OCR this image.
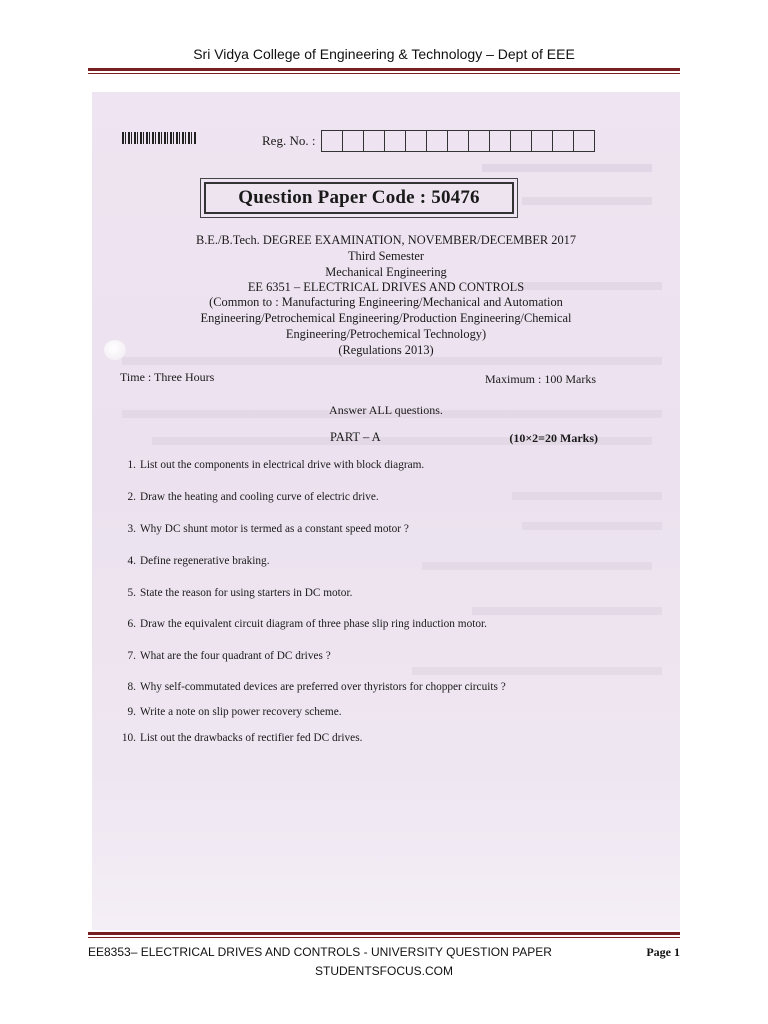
Sri Vidya College of Engineering & Technology – Dept of EEE
Reg. No. :
Question Paper Code : 50476
B.E./B.Tech. DEGREE EXAMINATION, NOVEMBER/DECEMBER 2017
Third Semester
Mechanical Engineering
EE 6351 – ELECTRICAL DRIVES AND CONTROLS
(Common to : Manufacturing Engineering/Mechanical and Automation
Engineering/Petrochemical Engineering/Production Engineering/Chemical
Engineering/Petrochemical Technology)
(Regulations 2013)
Time : Three Hours	Maximum : 100 Marks
Answer ALL questions.
PART – A	(10×2=20 Marks)
1. List out the components in electrical drive with block diagram.
2. Draw the heating and cooling curve of electric drive.
3. Why DC shunt motor is termed as a constant speed motor ?
4. Define regenerative braking.
5. State the reason for using starters in DC motor.
6. Draw the equivalent circuit diagram of three phase slip ring induction motor.
7. What are the four quadrant of DC drives ?
8. Why self-commutated devices are preferred over thyristors for chopper circuits ?
9. Write a note on slip power recovery scheme.
10. List out the drawbacks of rectifier fed DC drives.
EE8353– ELECTRICAL DRIVES AND CONTROLS - UNIVERSITY QUESTION PAPER	Page 1
STUDENTSFOCUS.COM
